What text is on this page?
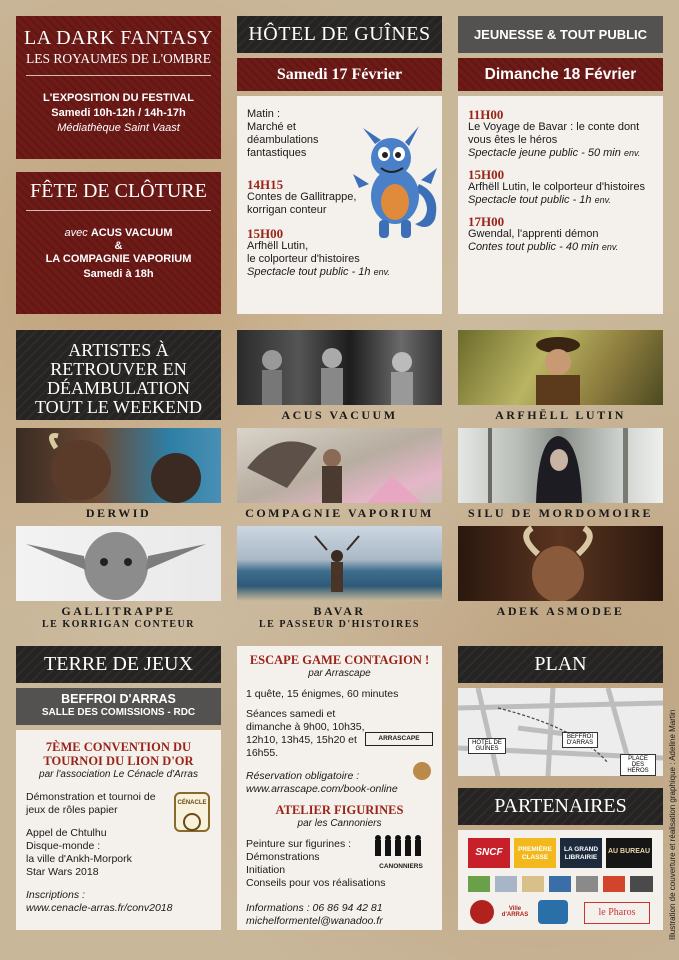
LA DARK FANTASY
LES ROYAUMES DE L'OMBRE
L'EXPOSITION DU FESTIVAL
Samedi 10h-12h / 14h-17h
Médiathèque Saint Vaast
FÊTE DE CLÔTURE
avec ACUS VACUUM
&
LA COMPAGNIE VAPORIUM
Samedi à 18h
HÔTEL DE GUÎNES
Samedi 17 Février
Matin :
Marché et déambulations fantastiques
14H15
Contes de Gallitrappe, korrigan conteur
15H00
Arfhëll Lutin,
le colporteur d'histoires
Spectacle tout public - 1h env.
JEUNESSE & TOUT PUBLIC
Dimanche 18 Février
11H00
Le Voyage de Bavar : le conte dont vous êtes le héros
Spectacle jeune public - 50 min env.
15H00
Arfhëll Lutin, le colporteur d'histoires
Spectacle tout public - 1h env.
17H00
Gwendal, l'apprenti démon
Contes tout public - 40 min env.
ARTISTES À RETROUVER EN DÉAMBULATION TOUT LE WEEKEND	ACUS VACUUM	ARFHËLL LUTIN
DERWID	COMPAGNIE VAPORIUM	SILU DE MORDOMOIRE
GALLITRAPPE
LE KORRIGAN CONTEUR
BAVAR
LE PASSEUR D'HISTOIRES
ADEK ASMODEE
TERRE DE JEUX
BEFFROI D'ARRAS
SALLE DES COMISSIONS - RDC
7ÈME CONVENTION DU
TOURNOI DU LION D'OR
par l'association Le Cénacle d'Arras
Démonstration et tournoi de jeux de rôles papier
Appel de Chtulhu
Disque-monde :
la ville d'Ankh-Morpork
Star Wars 2018
Inscriptions :
www.cenacle-arras.fr/conv2018
CÉNACLE
ESCAPE GAME CONTAGION !
par Arrascape
1 quête, 15 énigmes, 60 minutes
Séances samedi et dimanche à 9h00, 10h35, 12h10, 13h45, 15h20 et 16h55.
ARRASCAPE
Réservation obligatoire :
www.arrascape.com/book-online
ATELIER FIGURINES
par les Cannoniers
Peinture sur figurines :
Démonstrations
Initiation
Conseils pour vos réalisations
CANONNIERS
Informations : 06 86 94 42 81
michelformentel@wanadoo.fr
PLAN
HÔTEL DE GUÎNES
BEFFROI D'ARRAS
PLACE DES HÉROS
PARTENAIRES
SNCF	PREMIÈRE CLASSE
LA GRAND LIBRAIRIE
AU BUREAU
Ville d'ARRAS	le Pharos	Illustration de couverture et réalisation graphique : Adeline Martin
